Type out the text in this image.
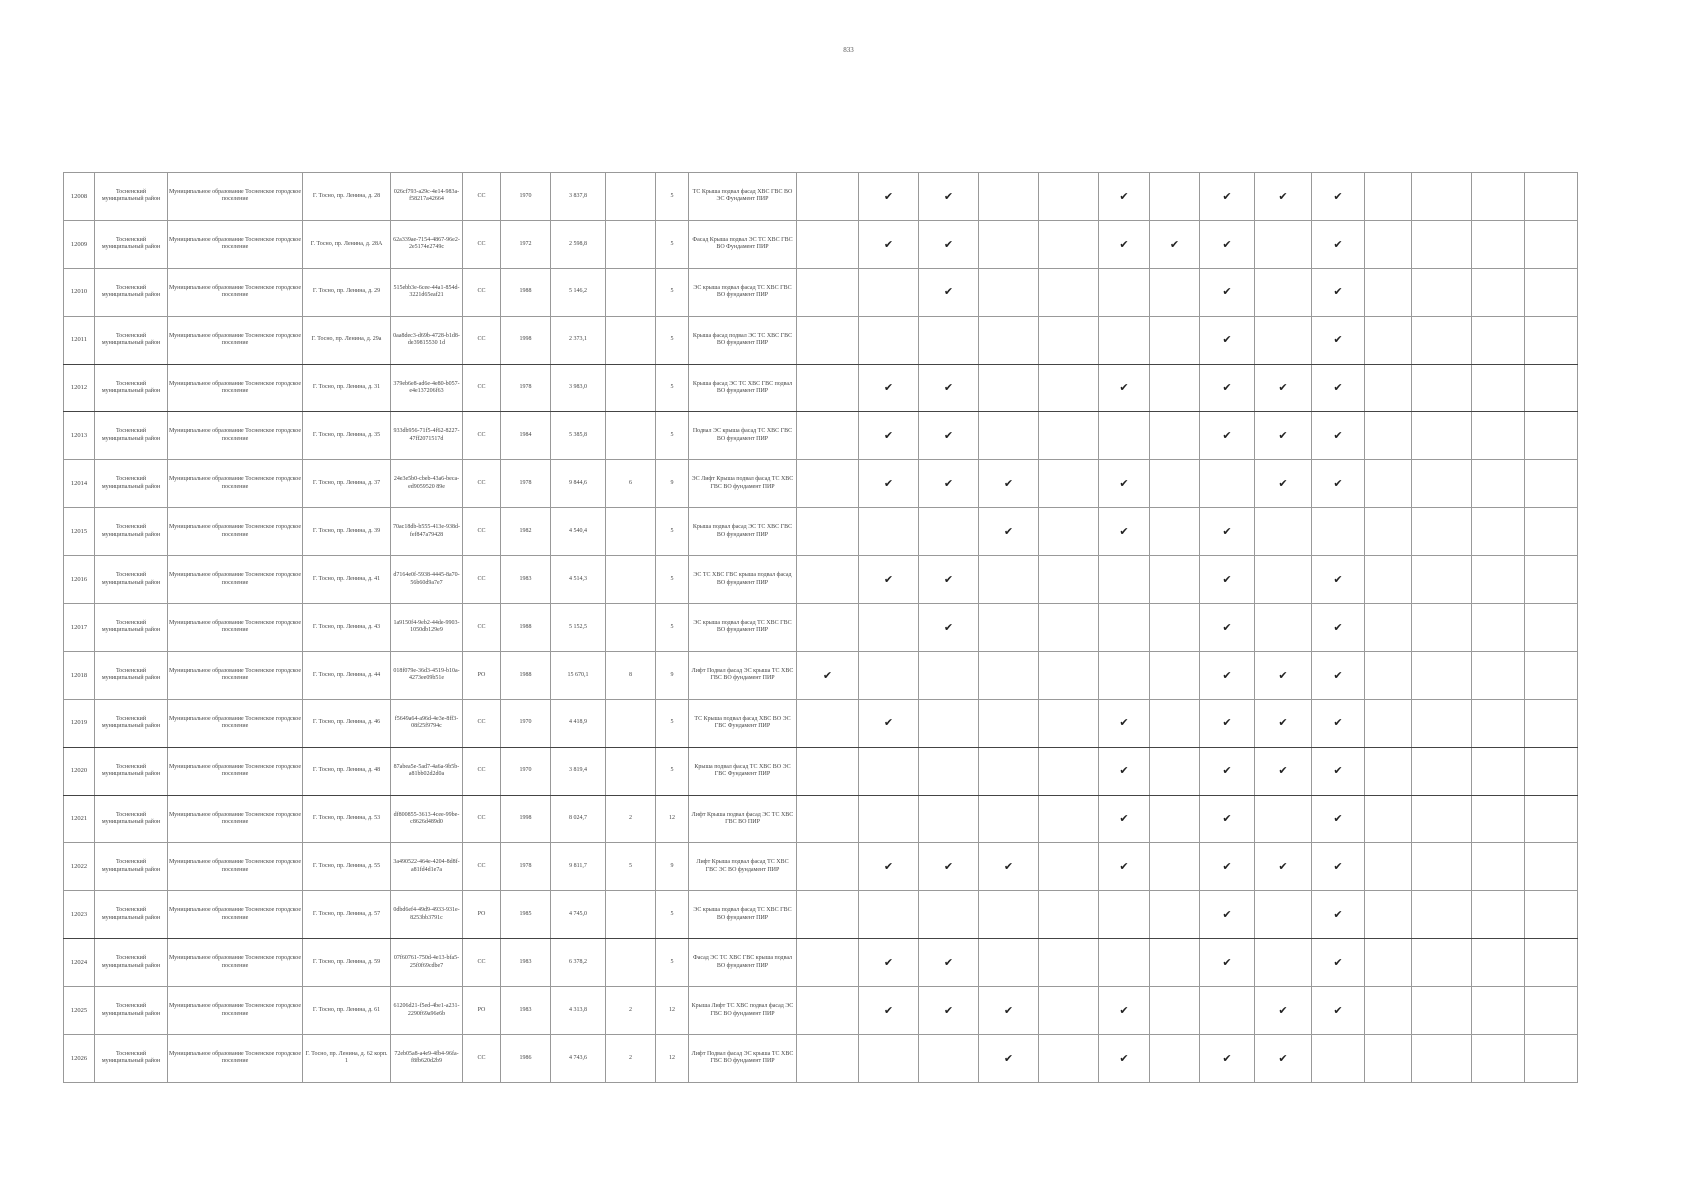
833
12008	Тосненский муниципальный район	Муниципальное образование Тосненское городское поселение	Г. Тосно, пр. Ленина, д. 28	026cf793-a29c-4e14-983a-f58217a42664	СС	1970	3 837,8		5	ТС Крыша подвал фасад ХВС ГВС ВО ЭС Фундамент ПИР		✔	✔			✔		✔	✔	✔				
12009	Тосненский муниципальный район	Муниципальное образование Тосненское городское поселение	Г. Тосно, пр. Ленина, д. 28А	62a339ae-7154-4867-96e2-2e5174e2749c	СС	1972	2 598,8		5	Фасад Крыша подвал ЭС ТС ХВС ГВС ВО Фундамент ПИР		✔	✔			✔	✔	✔		✔				
12010	Тосненский муниципальный район	Муниципальное образование Тосненское городское поселение	Г. Тосно, пр. Ленина, д. 29	515ebb3e-6cee-44a1-854d-3221d65eaf21	СС	1988	5 146,2		5	ЭС крыша подвал фасад ТС ХВС ГВС ВО фундамент ПИР			✔					✔		✔				
12011	Тосненский муниципальный район	Муниципальное образование Тосненское городское поселение	Г. Тосно, пр. Ленина, д. 29а	0aa8dec3-d69b-4728-b1d8-de39815530 1d	СС	1998	2 373,1		5	Крыша фасад подвал ЭС ТС ХВС ГВС ВО фундамент ПИР								✔		✔				
12012	Тосненский муниципальный район	Муниципальное образование Тосненское городское поселение	Г. Тосно, пр. Ленина, д. 31	379eb6e8-ad6e-4e80-b057-e4e137206f63	СС	1978	3 983,0		5	Крыша фасад ЭС ТС ХВС ГВС подвал ВО фундамент ПИР		✔	✔			✔		✔	✔	✔				
12013	Тосненский муниципальный район	Муниципальное образование Тосненское городское поселение	Г. Тосно, пр. Ленина, д. 35	933db956-71f5-4f62-8227-47ff2071517d	СС	1984	5 385,8		5	Подвал ЭС крыша фасад ТС ХВС ГВС ВО фундамент ПИР		✔	✔					✔	✔	✔				
12014	Тосненский муниципальный район	Муниципальное образование Тосненское городское поселение	Г. Тосно, пр. Ленина, д. 37	24e3e5b0-cbeb-43a6-beca-ed9059520 89e	СС	1978	9 844,6	6	9	ЭС Лифт Крыша подвал фасад ТС ХВС ГВС ВО фундамент ПИР		✔	✔	✔		✔			✔	✔				
12015	Тосненский муниципальный район	Муниципальное образование Тосненское городское поселение	Г. Тосно, пр. Ленина, д. 39	70ac18db-b555-413e-938d-fef847a79428	СС	1982	4 540,4		5	Крыша подвал фасад ЭС ТС ХВС ГВС ВО фундамент ПИР				✔		✔		✔						
12016	Тосненский муниципальный район	Муниципальное образование Тосненское городское поселение	Г. Тосно, пр. Ленина, д. 41	d7164e0f-5938-4445-8a70-56b60d9a7e7	СС	1983	4 514,3		5	ЭС ТС ХВС ГВС крыша подвал фасад ВО фундамент ПИР		✔	✔					✔		✔				
12017	Тосненский муниципальный район	Муниципальное образование Тосненское городское поселение	Г. Тосно, пр. Ленина, д. 43	1a9150f4-9eb2-44de-9903-1050db129e9	СС	1988	5 152,5		5	ЭС крыша подвал фасад ТС ХВС ГВС ВО фундамент ПИР			✔					✔		✔				
12018	Тосненский муниципальный район	Муниципальное образование Тосненское городское поселение	Г. Тосно, пр. Ленина, д. 44	018f079e-36d3-4519-b10a-4273ee09b51e	РО	1988	15 670,1	8	9	Лифт Подвал фасад ЭС крыша ТС ХВС ГВС ВО фундамент ПИР	✔							✔	✔	✔				
12019	Тосненский муниципальный район	Муниципальное образование Тосненское городское поселение	Г. Тосно, пр. Ленина, д. 46	f5649a64-a96d-4e3e-8ff3-08f25f9794c	СС	1970	4 418,9		5	ТС Крыша подвал фасад ХВС ВО ЭС ГВС Фундамент ПИР		✔				✔		✔	✔	✔				
12020	Тосненский муниципальный район	Муниципальное образование Тосненское городское поселение	Г. Тосно, пр. Ленина, д. 48	87abea5e-5ad7-4a6a-9b5b-a81bb02d2d0a	СС	1970	3 819,4		5	Крыша подвал фасад ТС ХВС ВО ЭС ГВС Фундамент ПИР						✔		✔	✔	✔				
12021	Тосненский муниципальный район	Муниципальное образование Тосненское городское поселение	Г. Тосно, пр. Ленина, д. 53	df800855-3613-4cee-99be-c8626d489d0	СС	1998	8 024,7	2	12	Лифт Крыша подвал фасад ЭС ТС ХВС ГВС ВО ПИР						✔		✔		✔				
12022	Тосненский муниципальный район	Муниципальное образование Тосненское городское поселение	Г. Тосно, пр. Ленина, д. 55	3a490522-464e-4204-8d8f-a81fd4d1e7a	СС	1978	9 811,7	5	9	Лифт Крыша подвал фасад ТС ХВС ГВС ЭС ВО фундамент ПИР		✔	✔	✔		✔		✔	✔	✔				
12023	Тосненский муниципальный район	Муниципальное образование Тосненское городское поселение	Г. Тосно, пр. Ленина, д. 57	0dbd6ef4-49d9-4933-931e-8253bb3791c	РО	1985	4 745,0		5	ЭС крыша подвал фасад ТС ХВС ГВС ВО фундамент ПИР								✔		✔				
12024	Тосненский муниципальный район	Муниципальное образование Тосненское городское поселение	Г. Тосно, пр. Ленина, д. 59	07f60761-750d-4e13-bfa5-25f0f69cdbe7	СС	1983	6 378,2		5	Фасад ЭС ТС ХВС ГВС крыша подвал ВО фундамент ПИР		✔	✔					✔		✔				
12025	Тосненский муниципальный район	Муниципальное образование Тосненское городское поселение	Г. Тосно, пр. Ленина, д. 61	61206d21-f5ed-4be1-a231-2290f69a96e6b	РО	1983	4 313,8	2	12	Крыша Лифт ТС ХВС подвал фасад ЭС ГВС ВО фундамент ПИР		✔	✔	✔		✔			✔	✔				
12026	Тосненский муниципальный район	Муниципальное образование Тосненское городское поселение	Г. Тосно, пр. Ленина, д. 62 корп. 1	72eb05a8-a4e9-4fb4-96fa-f8fb620d2b9	СС	1986	4 743,6	2	12	Лифт Подвал фасад ЭС крыша ТС ХВС ГВС ВО фундамент ПИР				✔		✔		✔	✔					
